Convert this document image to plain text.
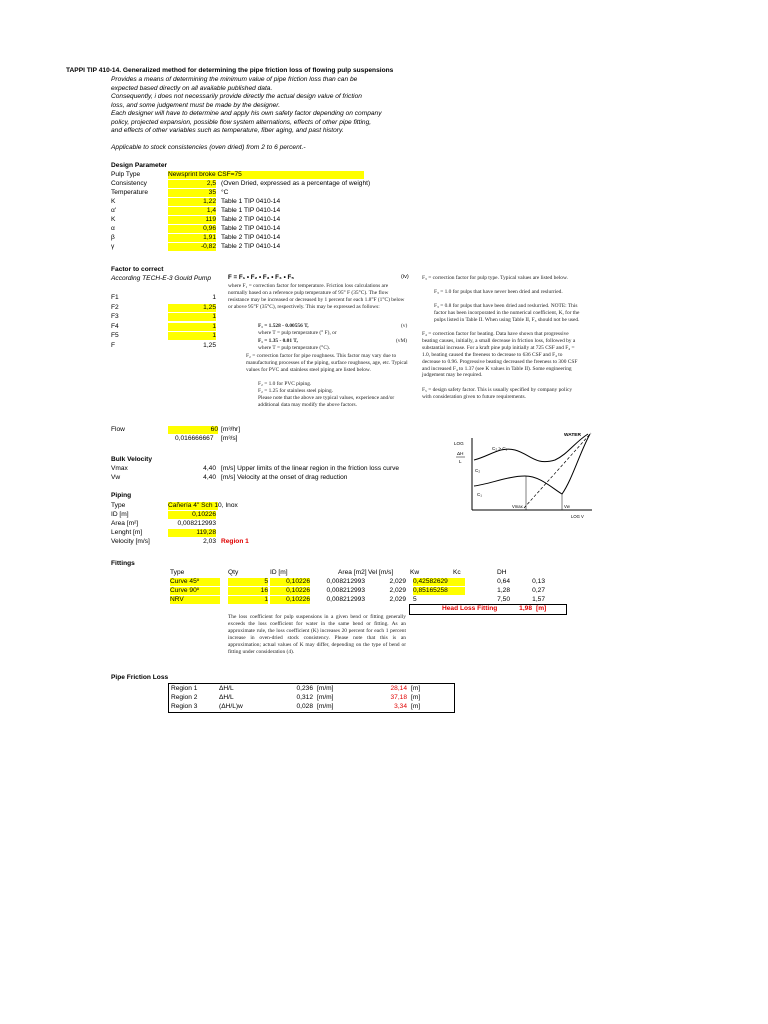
TAPPI TIP 410-14. Generalized method for determining the pipe friction loss of flowing pulp suspensions
Provides a means of determining the minimum value of pipe friction loss than can be
expected based directly on all available published data.
Consequently, i does not necessarily provide directly the actual design value of friction
loss, and some judgement must be made by the designer.
Each designer will have to determine and apply his own safety factor depending on company
policy, projected expansion, possible flow system alternations, effects of other pipe fitting,
and effects of other variables such as temperature, fiber aging, and past history.
Applicable to stock consistencies (oven dried) from 2 to 6 percent.-
Design Parameter
Pulp Type	Newsprint broke CSF=75
Consistency	2,5 (Oven Dried, expressed as a percentage of weight)
Temperature	35 °C
K	1,22 Table 1 TIP 0410-14
α'	1,4 Table 1 TIP 0410-14
K	119 Table 2 TIP 0410-14
α	0,96 Table 2 TIP 0410-14
β	1,91 Table 2 TIP 0410-14
γ	-0,82 Table 2 TIP 0410-14
Factor to correct
According TECH-E-3 Gould Pump
F1	1
F2	1,25
F3	1
F4	1
F5	1
F	1,25
F = F₁ • F₂ • F₃ • F₄ • F₅	(iv)
where F₁ = correction factor for temperature. Friction loss calculations are normally based on a reference pulp temperature of 95° F (35°C). The flow resistance may be increased or decreased by 1 percent for each 1.8°F (1°C) below or above 95°F (35°C), respectively. This may be expressed as follows:
F₁ = 1.528 - 0.00556 T,	(v)
where T = pulp temperature (° F), or
F₁ = 1.35 - 0.01 T,	(vM)
where T = pulp temperature (°C).
F₂ = correction factor for pipe roughness. This factor may vary due to manufacturing processes of the piping, surface roughness, age, etc. Typical values for PVC and stainless steel piping are listed below.
F₂ = 1.0 for PVC piping.
F₂ = 1.25 for stainless steel piping.
Please note that the above are typical values, experience and/or additional data may modify the above factors.
F₃ = correction factor for pulp type. Typical values are listed below.
F₃ = 1.0 for pulps that have never been dried and reslurried.
F₃ = 0.8 for pulps that have been dried and reslurried. NOTE: This factor has been incorporated in the numerical coefficient, K, for the pulps listed in Table II. When using Table II, F₃ should not be used.
F₄ = correction factor for beating. Data have shown that progressive beating causes, initially, a small decrease in friction loss, followed by a substantial increase. For a kraft pine pulp initially at 725 CSF and F₄ = 1.0, beating caused the freeness to decrease to 636 CSF and F₄ to decrease to 0.96. Progressive beating decreased the freeness to 300 CSF and increased F₄ to 1.37 (see K values in Table II). Some engineering judgement may be required.
F₅ = design safety factor. This is usually specified by company policy with consideration given to future requirements.
Flow	60 [m³/hr]
0,016666667 [m³/s]
LOG
ΔH
L
WATER
C₂ > C₁
C₂
C₁
Vmax	Vw
LOG V
Bulk Velocity
Vmax	4,40 [m/s] Upper limits of the linear region in the friction loss curve
Vw	4,40 [m/s] Velocity at the onset of drag reduction
Piping
Type	Cañería 4" Sch 10, Inox
ID [m]	0,10226
Area [m²]	0,008212993
Lenght [m]	119,28
Velocity [m/s]	2,03 Region 1
Fittings
Type	Qty	ID [m]	Area [m2] Vel [m/s]	Kw	Kc	DH
Curve 45º	5	0,10226	0,008212993	2,029 0,42582629	0,64	0,13
Curve 90º	16	0,10226	0,008212993	2,029 0,85165258	1,28	0,27
NRV	1	0,10226	0,008212993	2,029 5	7,50	1,57
Head Loss Fitting	1,98 [m]
The loss coefficient for pulp suspensions in a given bend or fitting generally exceeds the loss coefficient for water in the same bend or fitting. As an approximate rule, the loss coefficient (K) increases 20 percent for each 1 percent increase in oven-dried stock consistency. Please note that this is an approximation; actual values of K may differ, depending on the type of bend or fitting under consideration (4).
Pipe Friction Loss
Region 1	ΔH/L	0,236 [m/m]	28,14 [m]
Region 2	ΔH/L	0,312 [m/m]	37,18 [m]
Region 3	(ΔH/L)w	0,028 [m/m]	3,34 [m]
